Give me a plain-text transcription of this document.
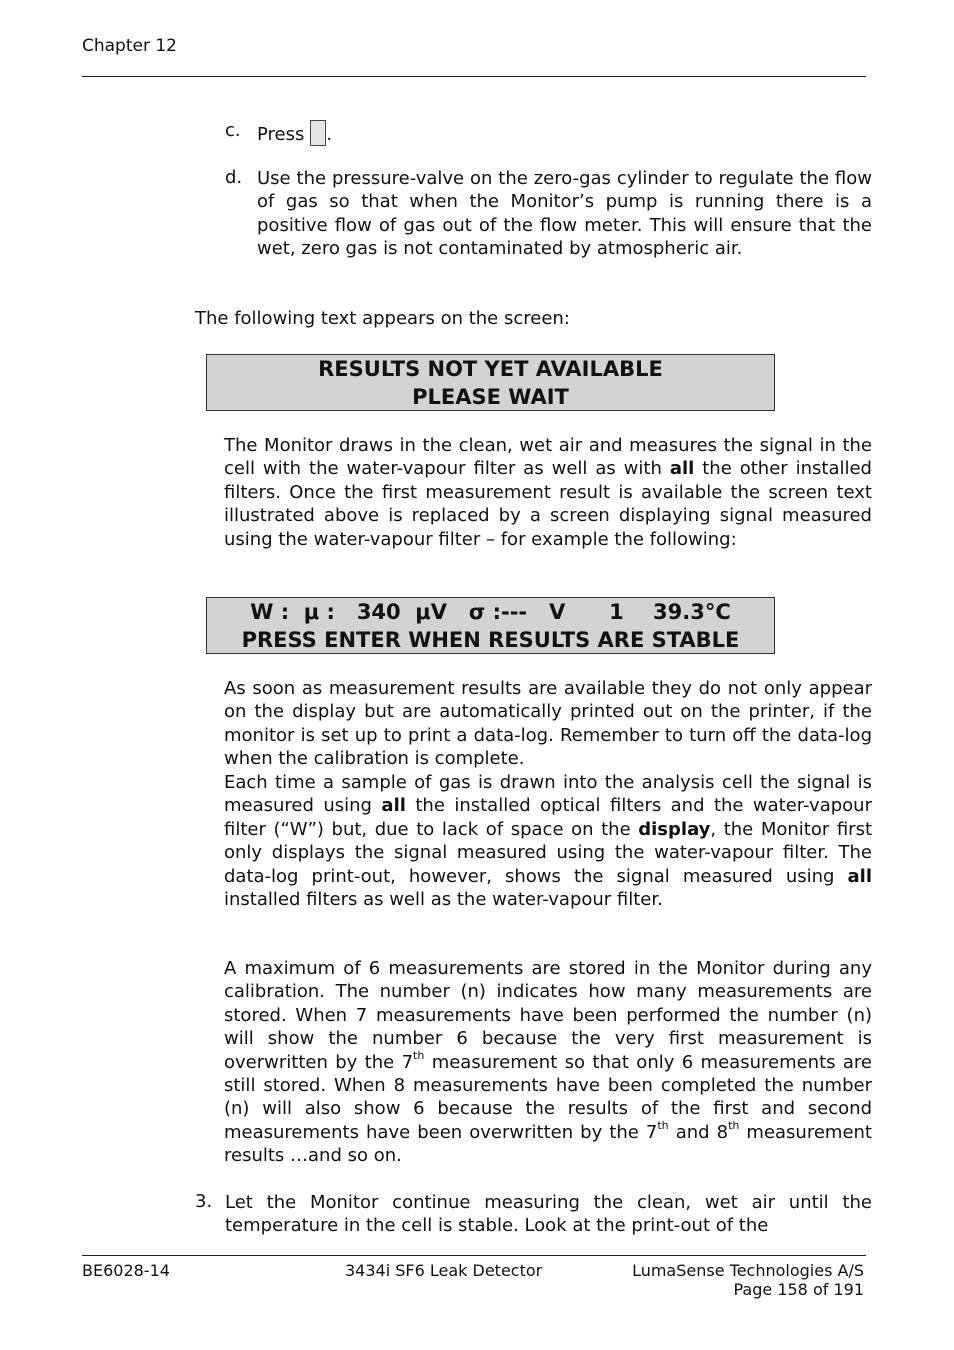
Chapter 12
c. Press .
d. Use the pressure-valve on the zero-gas cylinder to regulate the flow of gas so that when the Monitor’s pump is running there is a positive flow of gas out of the flow meter. This will ensure that the wet, zero gas is not contaminated by atmospheric air.
The following text appears on the screen:
RESULTS NOT YET AVAILABLE
PLEASE WAIT
The Monitor draws in the clean, wet air and measures the signal in the cell with the water-vapour filter as well as with all the other installed filters. Once the first measurement result is available the screen text illustrated above is replaced by a screen displaying signal measured using the water-vapour filter – for example the following:
W :  μ :   340  μV   σ :---   V      1    39.3°C
PRESS ENTER WHEN RESULTS ARE STABLE
As soon as measurement results are available they do not only appear on the display but are automatically printed out on the printer, if the monitor is set up to print a data-log. Remember to turn off the data-log when the calibration is complete.
Each time a sample of gas is drawn into the analysis cell the signal is measured using all the installed optical filters and the water-vapour filter (“W”) but, due to lack of space on the display, the Monitor first only displays the signal measured using the water-vapour filter. The data-log print-out, however, shows the signal measured using all installed filters as well as the water-vapour filter.
A maximum of 6 measurements are stored in the Monitor during any calibration. The number (n) indicates how many measurements are stored. When 7 measurements have been performed the number (n) will show the number 6 because the very first measurement is overwritten by the 7th measurement so that only 6 measurements are still stored. When 8 measurements have been completed the number (n) will also show 6 because the results of the first and second measurements have been overwritten by the 7th and 8th measurement results …and so on.
3. Let the Monitor continue measuring the clean, wet air until the temperature in the cell is stable. Look at the print-out of the
BE6028-14	3434i SF6 Leak Detector	LumaSense Technologies A/S
Page 158 of 191
